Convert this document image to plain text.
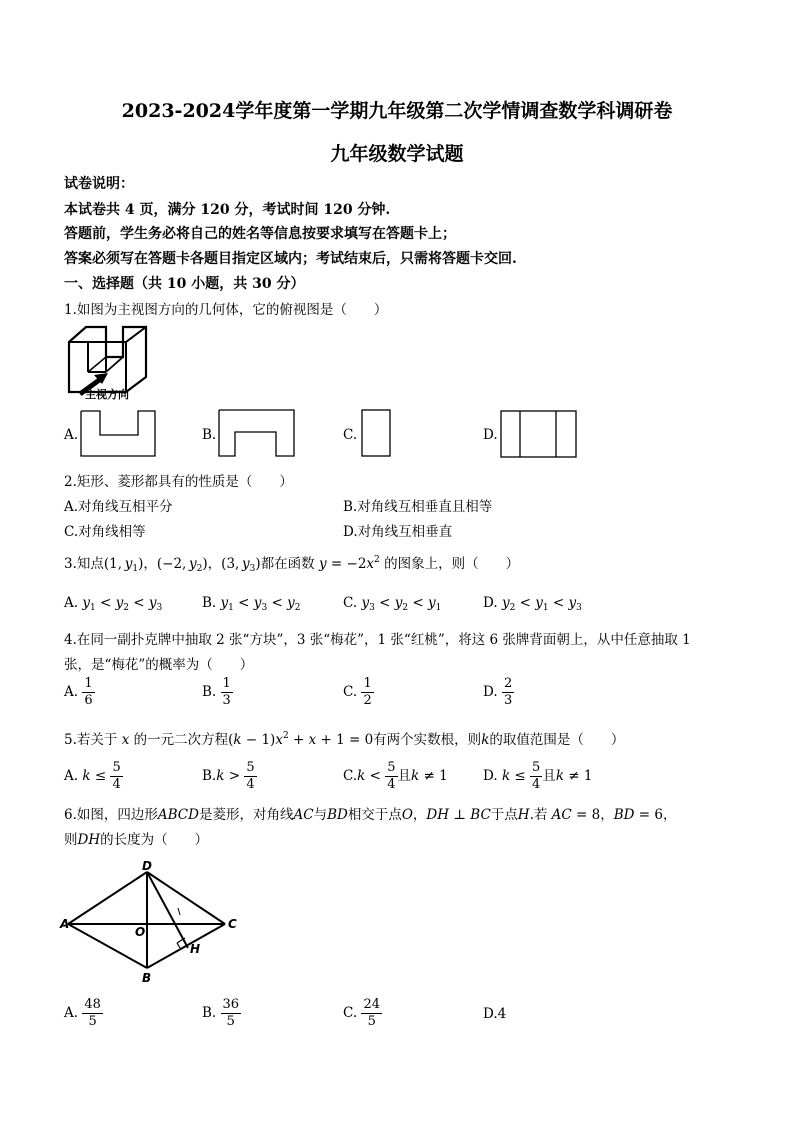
2023-2024学年度第一学期九年级第二次学情调查数学科调研卷
九年级数学试题
试卷说明：
本试卷共 4 页，满分 120 分，考试时间 120 分钟.
答题前，学生务必将自己的姓名等信息按要求填写在答题卡上；
答案必须写在答题卡各题目指定区域内；考试结束后，只需将答题卡交回.
一、选择题（共 10 小题，共 30 分）
1.如图为主视图方向的几何体，它的俯视图是（　　）
主视方向
A.	B.	C.	D.
2.矩形、菱形都具有的性质是（　　）
A.对角线互相平分	B.对角线互相垂直且相等
C.对角线相等	D.对角线互相垂直
3.知点(1, $y_1$)，(−2, $y_2$)，(3, $y_3$)都在函数 $y = -2x^2$ 的图象上，则（　　）
A. $y_1 < y_2 < y_3$	B. $y_1 < y_3 < y_2$	C. $y_3 < y_2 < y_1$	D. $y_2 < y_1 < y_3$
4.在同一副扑克牌中抽取 2 张“方块”，3 张“梅花”，1 张“红桃”，将这 6 张牌背面朝上，从中任意抽取 1
张，是“梅花”的概率为（　　）
A. $\frac{1}{6}$	B. $\frac{1}{3}$	C. $\frac{1}{2}$	D. $\frac{2}{3}$
5.若关于 x 的一元二次方程$(k - 1)x^2 + x + 1 = 0$有两个实数根，则k的取值范围是（　　）
A. $k \le \frac{5}{4}$	$B.k > \frac{5}{4}$	$C.k < \frac{5}{4}$ 且k ≠ 1	D. $k \le \frac{5}{4}$ 且k ≠ 1
6.如图，四边形ABCD是菱形，对角线AC与BD相交于点O，DH ⊥ BC于点H.若 AC = 8，BD = 6，
则DH的长度为（　　）
D
A	C
O
H
B
A. $\frac{48}{5}$	B. $\frac{36}{5}$	C. $\frac{24}{5}$	D.4
